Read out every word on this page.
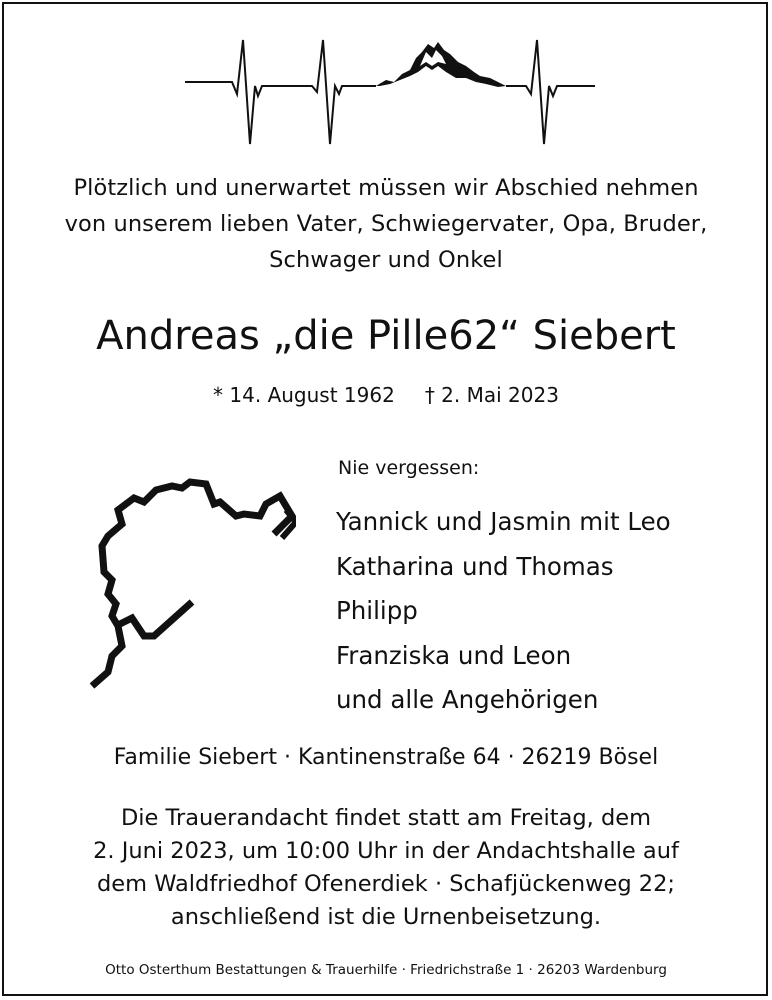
Plötzlich und unerwartet müssen wir Abschied nehmen
von unserem lieben Vater, Schwiegervater, Opa, Bruder,
Schwager und Onkel
Andreas „die Pille62“ Siebert
* 14. August 1962 † 2. Mai 2023
Nie vergessen:
Yannick und Jasmin mit Leo
Katharina und Thomas
Philipp
Franziska und Leon
und alle Angehörigen
Familie Siebert · Kantinenstraße 64 · 26219 Bösel
Die Trauerandacht findet statt am Freitag, dem
2. Juni 2023, um 10:00 Uhr in der Andachtshalle auf
dem Waldfriedhof Ofenerdiek · Schafjückenweg 22;
anschließend ist die Urnenbeisetzung.
Otto Osterthum Bestattungen & Trauerhilfe · Friedrichstraße 1 · 26203 Wardenburg
